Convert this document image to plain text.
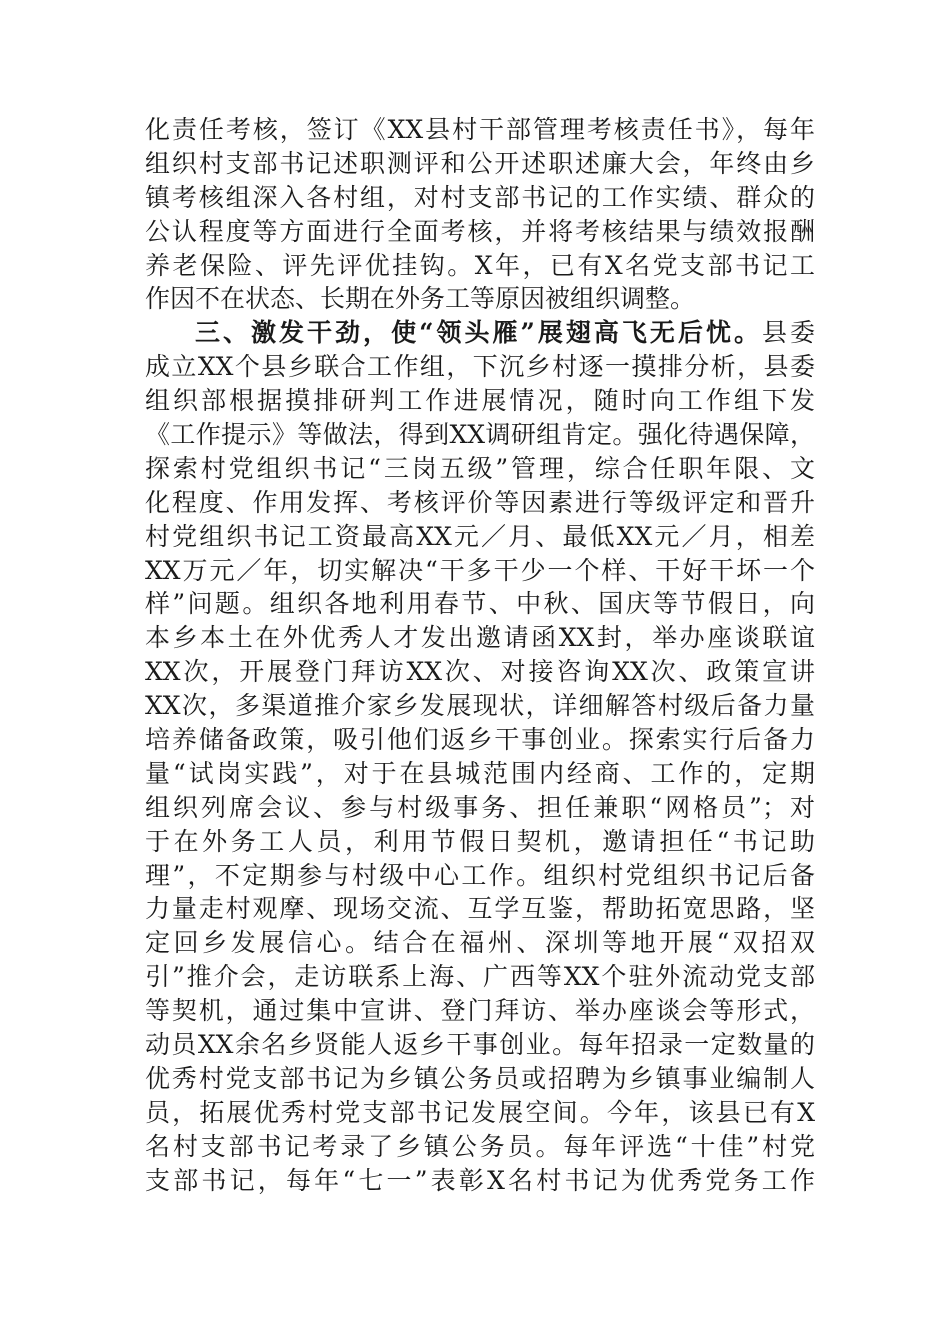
化责任考核，签订《XX县村干部管理考核责任书》，每年
组织村支部书记述职测评和公开述职述廉大会，年终由乡
镇考核组深入各村组，对村支部书记的工作实绩、群众的
公认程度等方面进行全面考核，并将考核结果与绩效报酬
养老保险、评先评优挂钩。X年，已有X名党支部书记工
作因不在状态、长期在外务工等原因被组织调整。
三、激发干劲，使“领头雁”展翅高飞无后忧。县委
成立XX个县乡联合工作组，下沉乡村逐一摸排分析，县委
组织部根据摸排研判工作进展情况，随时向工作组下发
《工作提示》等做法，得到XX调研组肯定。强化待遇保障，
探索村党组织书记“三岗五级”管理，综合任职年限、文
化程度、作用发挥、考核评价等因素进行等级评定和晋升
村党组织书记工资最高XX元／月、最低XX元／月，相差
XX万元／年，切实解决“干多干少一个样、干好干坏一个
样”问题。组织各地利用春节、中秋、国庆等节假日，向
本乡本土在外优秀人才发出邀请函XX封，举办座谈联谊
XX次，开展登门拜访XX次、对接咨询XX次、政策宣讲
XX次，多渠道推介家乡发展现状，详细解答村级后备力量
培养储备政策，吸引他们返乡干事创业。探索实行后备力
量“试岗实践”，对于在县城范围内经商、工作的，定期
组织列席会议、参与村级事务、担任兼职“网格员”；对
于在外务工人员，利用节假日契机，邀请担任“书记助
理”，不定期参与村级中心工作。组织村党组织书记后备
力量走村观摩、现场交流、互学互鉴，帮助拓宽思路，坚
定回乡发展信心。结合在福州、深圳等地开展“双招双
引”推介会，走访联系上海、广西等XX个驻外流动党支部
等契机，通过集中宣讲、登门拜访、举办座谈会等形式，
动员XX余名乡贤能人返乡干事创业。每年招录一定数量的
优秀村党支部书记为乡镇公务员或招聘为乡镇事业编制人
员，拓展优秀村党支部书记发展空间。今年，该县已有X
名村支部书记考录了乡镇公务员。每年评选“十佳”村党
支部书记，每年“七一”表彰X名村书记为优秀党务工作
